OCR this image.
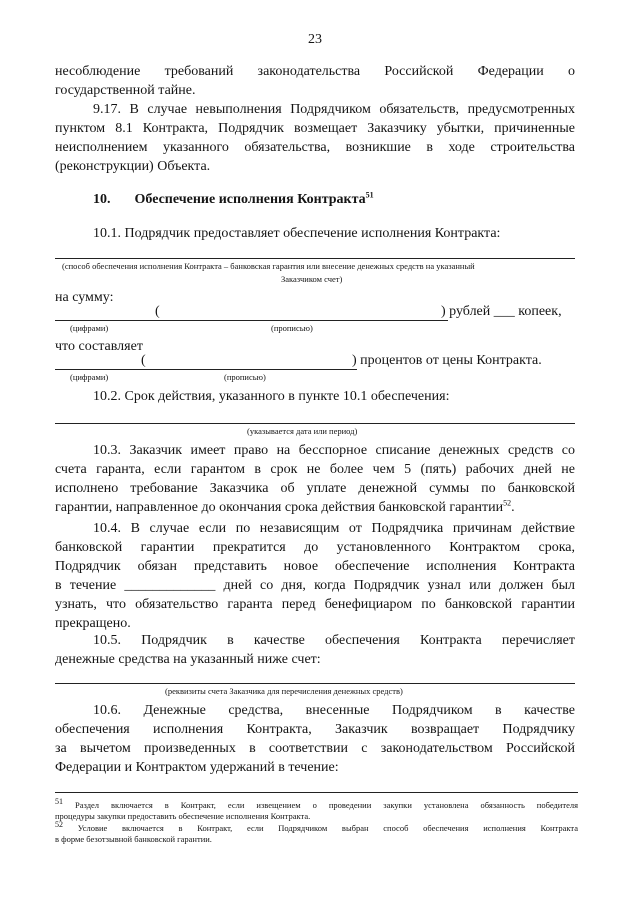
23
несоблюдение требований законодательства Российской Федерации о
государственной тайне.
9.17. В случае невыполнения Подрядчиком обязательств, предусмотренных
пунктом 8.1 Контракта, Подрядчик возмещает Заказчику убытки, причиненные
неисполнением указанного обязательства, возникшие в ходе строительства
(реконструкции) Объекта.
10. Обеспечение исполнения Контракта$^{51}$
10.1. Подрядчик предоставляет обеспечение исполнения Контракта:
(способ обеспечения исполнения Контракта – банковская гарантия или внесение денежных средств на указанный
Заказчиком счет)
на сумму:
(	) рублей ___ копеек,
(цифрами)	(прописью)
что составляет
(	) процентов от цены Контракта.
(цифрами)	(прописью)
10.2. Срок действия, указанного в пункте 10.1 обеспечения:
(указывается дата или период)
10.3. Заказчик имеет право на бесспорное списание денежных средств со
счета гаранта, если гарантом в срок не более чем 5 (пять) рабочих дней не
исполнено требование Заказчика об уплате денежной суммы по банковской
гарантии, направленное до окончания срока действия банковской гарантии$^{52}$.
10.4. В случае если по независящим от Подрядчика причинам действие
банковской гарантии прекратится до установленного Контрактом срока,
Подрядчик обязан представить новое обеспечение исполнения Контракта
в течение _____________ дней со дня, когда Подрядчик узнал или должен был
узнать, что обязательство гаранта перед бенефициаром по банковской гарантии
прекращено.
10.5. Подрядчик в качестве обеспечения Контракта перечисляет
денежные средства на указанный ниже счет:
(реквизиты счета Заказчика для перечисления денежных средств)
10.6. Денежные средства, внесенные Подрядчиком в качестве
обеспечения исполнения Контракта, Заказчик возвращает Подрядчику
за вычетом произведенных в соответствии с законодательством Российской
Федерации и Контрактом удержаний в течение:
$^{51}$ Раздел включается в Контракт, если извещением о проведении закупки установлена обязанность победителя
процедуры закупки предоставить обеспечение исполнения Контракта.
$^{52}$ Условие включается в Контракт, если Подрядчиком выбран способ обеспечения исполнения Контракта
в форме безотзывной банковской гарантии.
